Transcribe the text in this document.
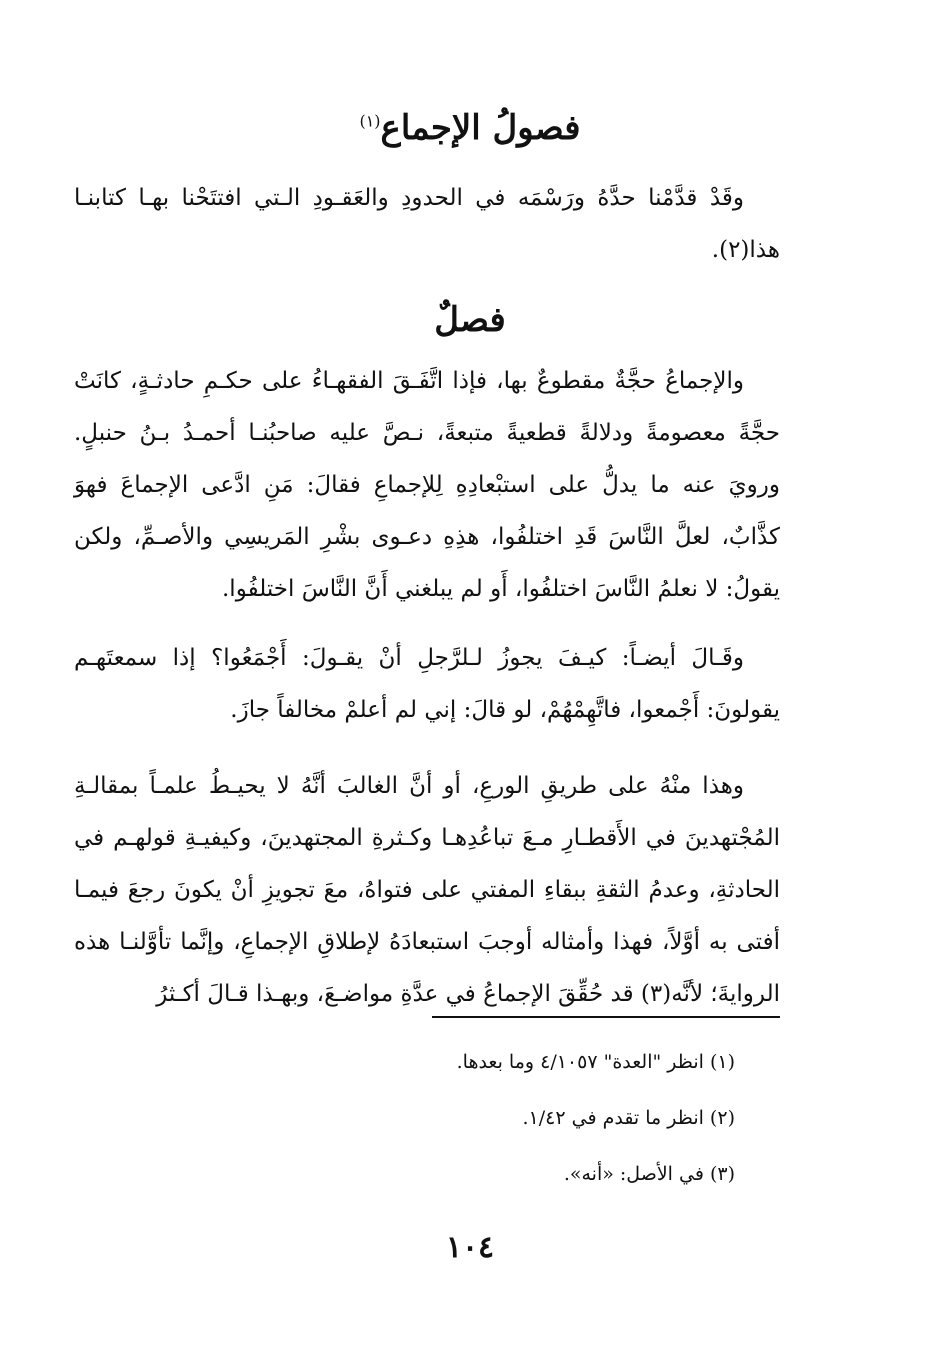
فصولُ الإجماع$^{(١)}$

وقَدْ قدَّمْنا حدَّهُ ورَسْمَه في الحدودِ والعَقـودِ الـتي افتتَحْنا بهـا كتابنـا هذا(٢).

فصلٌ

والإجماعُ حجَّةٌ مقطوعٌ بها، فإذا اتَّفَـقَ الفقهـاءُ على حكـمِ حادثـةٍ، كانَتْ حجَّةً معصومةً ودلالةً قطعيةً متبعةً، نـصَّ عليه صاحبُنـا أحمـدُ بـنُ حنبلٍ. ورويَ عنه ما يدلُّ على استبْعادِهِ لِلإجماعِ فقالَ: مَنِ ادَّعى الإجماعَ فهوَ كذَّابٌ، لعلَّ النَّاسَ قَدِ اختلفُوا، هذِهِ دعـوى بشْرِ المَريسِي والأصـمِّ، ولكن يقولُ: لا نعلمُ النَّاسَ اختلفُوا، أَو لم يبلغني أَنَّ النَّاسَ اختلفُوا.

وقَـالَ أيضـاً: كيـفَ يجوزُ لـلرَّجلِ أنْ يقـولَ: أَجْمَعُوا؟ إذا سمعتَهـم يقولونَ: أَجْمعوا، فاتَّهِمْهُمْ، لو قالَ: إني لم أعلمْ مخالفاً جازَ.

وهذا منْهُ على طريقِ الورعِ، أو أنَّ الغالبَ أنَّهُ لا يحيـطُ علمـاً بمقالـةِ المُجْتهدينَ في الأَقطـارِ مـعَ تباعُدِهـا وكـثرةِ المجتهدينَ، وكيفيـةِ قولهـم في الحادثةِ، وعدمُ الثقةِ ببقاءِ المفتي على فتواهُ، معَ تجويزِ أنْ يكونَ رجعَ فيمـا أفتى به أوَّلاً، فهذا وأمثاله أوجبَ استبعادَهُ لإطلاقِ الإجماعِ، وإنَّما تأوَّلنـا هذه الروايةَ؛ لأنَّه(٣) قد حُقِّقَ الإجماعُ في عدَّةِ مواضـعَ، وبهـذا قـالَ أكـثرُ

(١) انظر "العدة" ٤/١٠٥٧ وما بعدها.
(٢) انظر ما تقدم في ١/٤٢.
(٣) في الأصل: «أنه».
١٠٤
